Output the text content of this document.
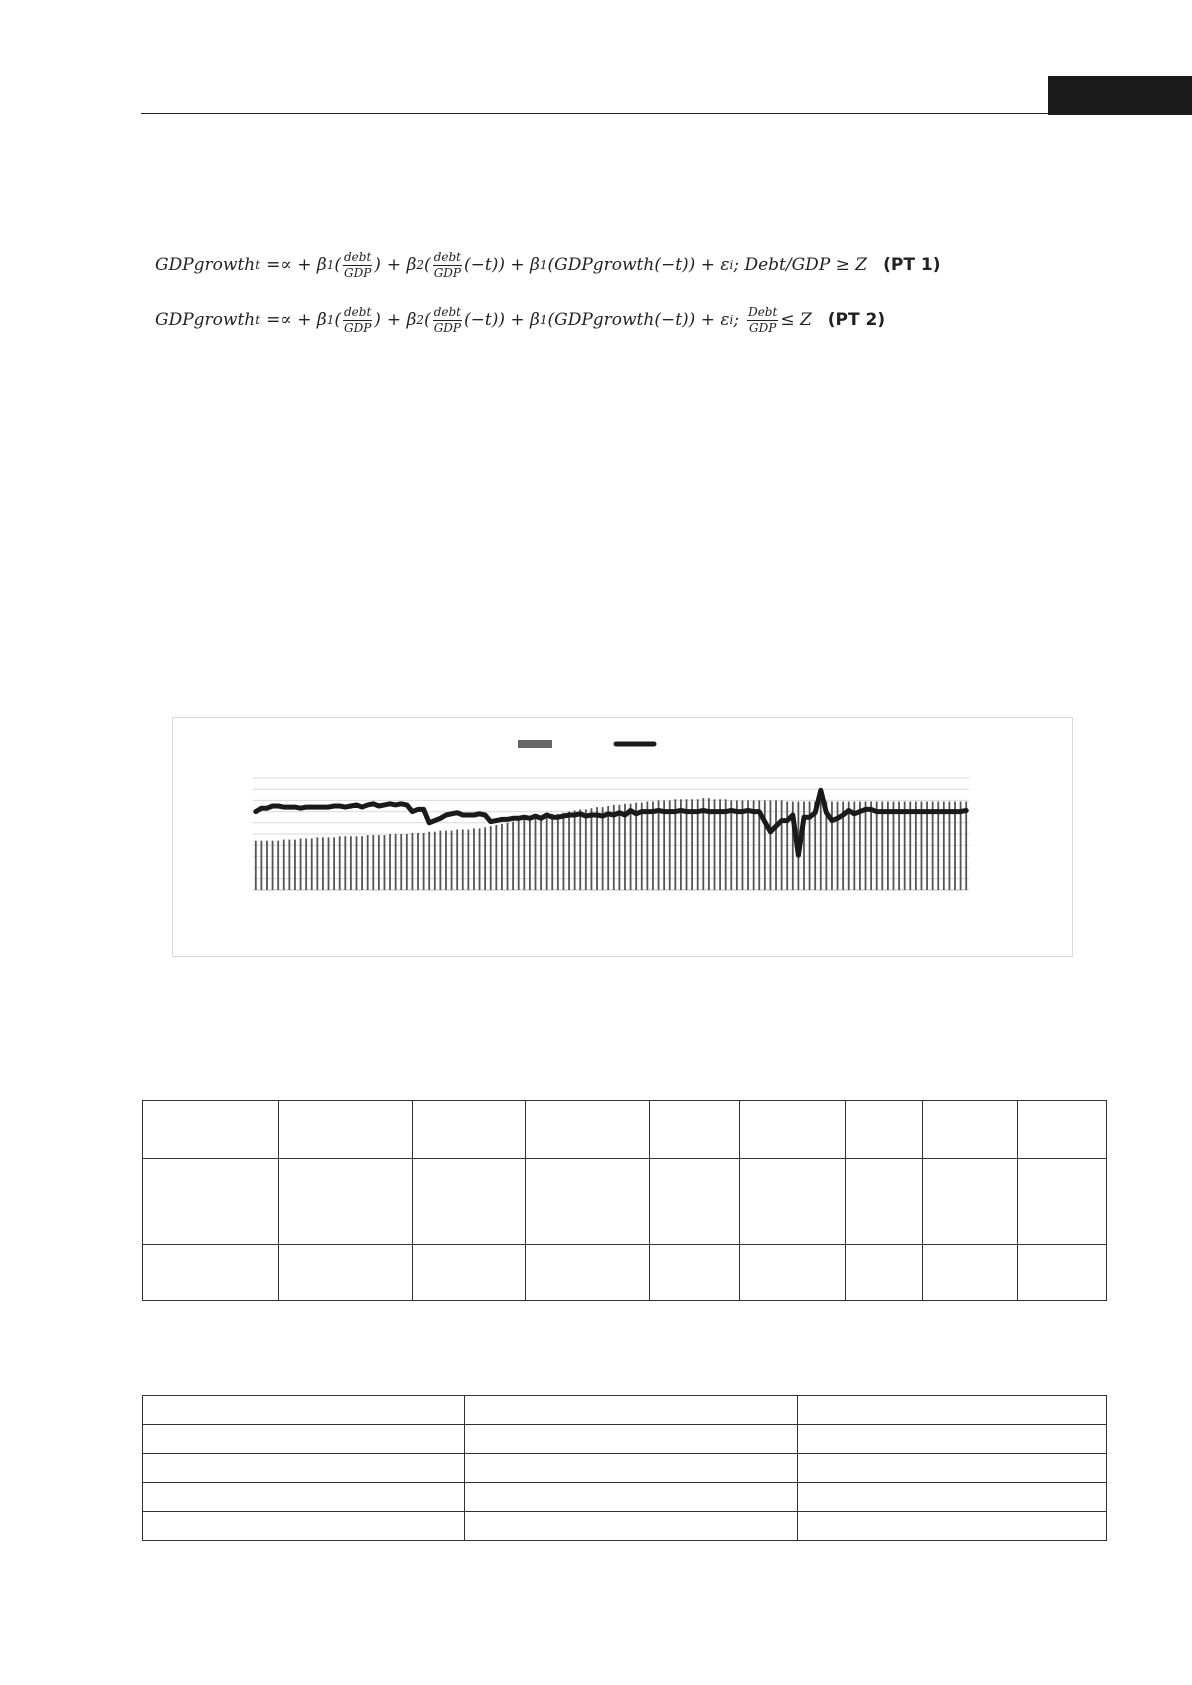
GDPgrowth t =∝ + β 1 ( $\frac{\text{debt}}{\text{GDP}}$ ) + β 2 ( $\frac{\text{debt}}{\text{GDP}} (-t)) + \beta$ 1 (GDPgrowth(−t)) + ε i ; Debt/GDP ≥ Z (PT 1)
GDPgrowth t =∝ + β 1 ( $\frac{\text{debt}}{\text{GDP}}$ ) + β 2 ( $\frac{\text{debt}}{\text{GDP}} (-t)) + \beta$ 1 (GDPgrowth(−t)) + ε i ; $\frac{\text{Debt}}{\text{GDP}} \le Z$ (PT 2)
